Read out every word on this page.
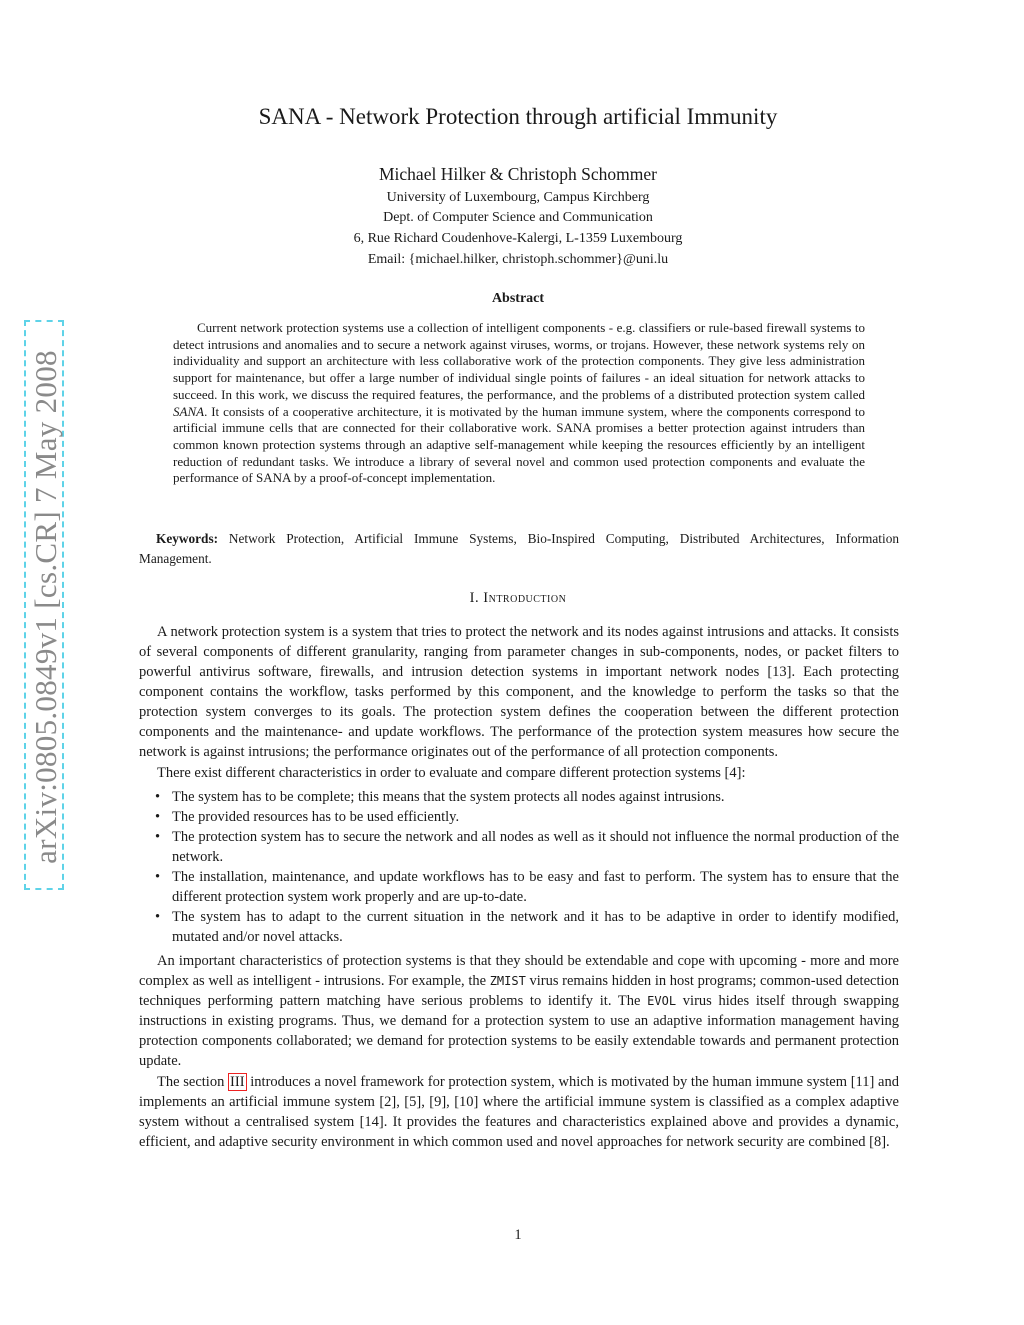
arXiv:0805.0849v1 [cs.CR] 7 May 2008
SANA - Network Protection through artificial Immunity
Michael Hilker & Christoph Schommer
University of Luxembourg, Campus Kirchberg
Dept. of Computer Science and Communication
6, Rue Richard Coudenhove-Kalergi, L-1359 Luxembourg
Email: {michael.hilker, christoph.schommer}@uni.lu
Abstract

Current network protection systems use a collection of intelligent components - e.g. classifiers or rule-based firewall systems to detect intrusions and anomalies and to secure a network against viruses, worms, or trojans. However, these network systems rely on individuality and support an architecture with less collaborative work of the protection components. They give less administration support for maintenance, but offer a large number of individual single points of failures - an ideal situation for network attacks to succeed. In this work, we discuss the required features, the performance, and the problems of a distributed protection system called SANA. It consists of a cooperative architecture, it is motivated by the human immune system, where the components correspond to artificial immune cells that are connected for their collaborative work. SANA promises a better protection against intruders than common known protection systems through an adaptive self-management while keeping the resources efficiently by an intelligent reduction of redundant tasks. We introduce a library of several novel and common used protection components and evaluate the performance of SANA by a proof-of-concept implementation.

Keywords: Network Protection, Artificial Immune Systems, Bio-Inspired Computing, Distributed Architectures, Information Management.

I. Introduction

A network protection system is a system that tries to protect the network and its nodes against intrusions and attacks. It consists of several components of different granularity, ranging from parameter changes in sub-components, nodes, or packet filters to powerful antivirus software, firewalls, and intrusion detection systems in important network nodes [13]. Each protecting component contains the workflow, tasks performed by this component, and the knowledge to perform the tasks so that the protection system converges to its goals. The protection system defines the cooperation between the different protection components and the maintenance- and update workflows. The performance of the protection system measures how secure the network is against intrusions; the performance originates out of the performance of all protection components.

There exist different characteristics in order to evaluate and compare different protection systems [4]:

• The system has to be complete; this means that the system protects all nodes against intrusions.
• The provided resources has to be used efficiently.
• The protection system has to secure the network and all nodes as well as it should not influence the normal production of the network.
• The installation, maintenance, and update workflows has to be easy and fast to perform. The system has to ensure that the different protection system work properly and are up-to-date.
• The system has to adapt to the current situation in the network and it has to be adaptive in order to identify modified, mutated and/or novel attacks.

An important characteristics of protection systems is that they should be extendable and cope with upcoming - more and more complex as well as intelligent - intrusions. For example, the ZMIST virus remains hidden in host programs; common-used detection techniques performing pattern matching have serious problems to identify it. The EVOL virus hides itself through swapping instructions in existing programs. Thus, we demand for a protection system to use an adaptive information management having protection components collaborated; we demand for protection systems to be easily extendable towards and permanent protection update.

The section III introduces a novel framework for protection system, which is motivated by the human immune system [11] and implements an artificial immune system [2], [5], [9], [10] where the artificial immune system is classified as a complex adaptive system without a centralised system [14]. It provides the features and characteristics explained above and provides a dynamic, efficient, and adaptive security environment in which common used and novel approaches for network security are combined [8].

1
